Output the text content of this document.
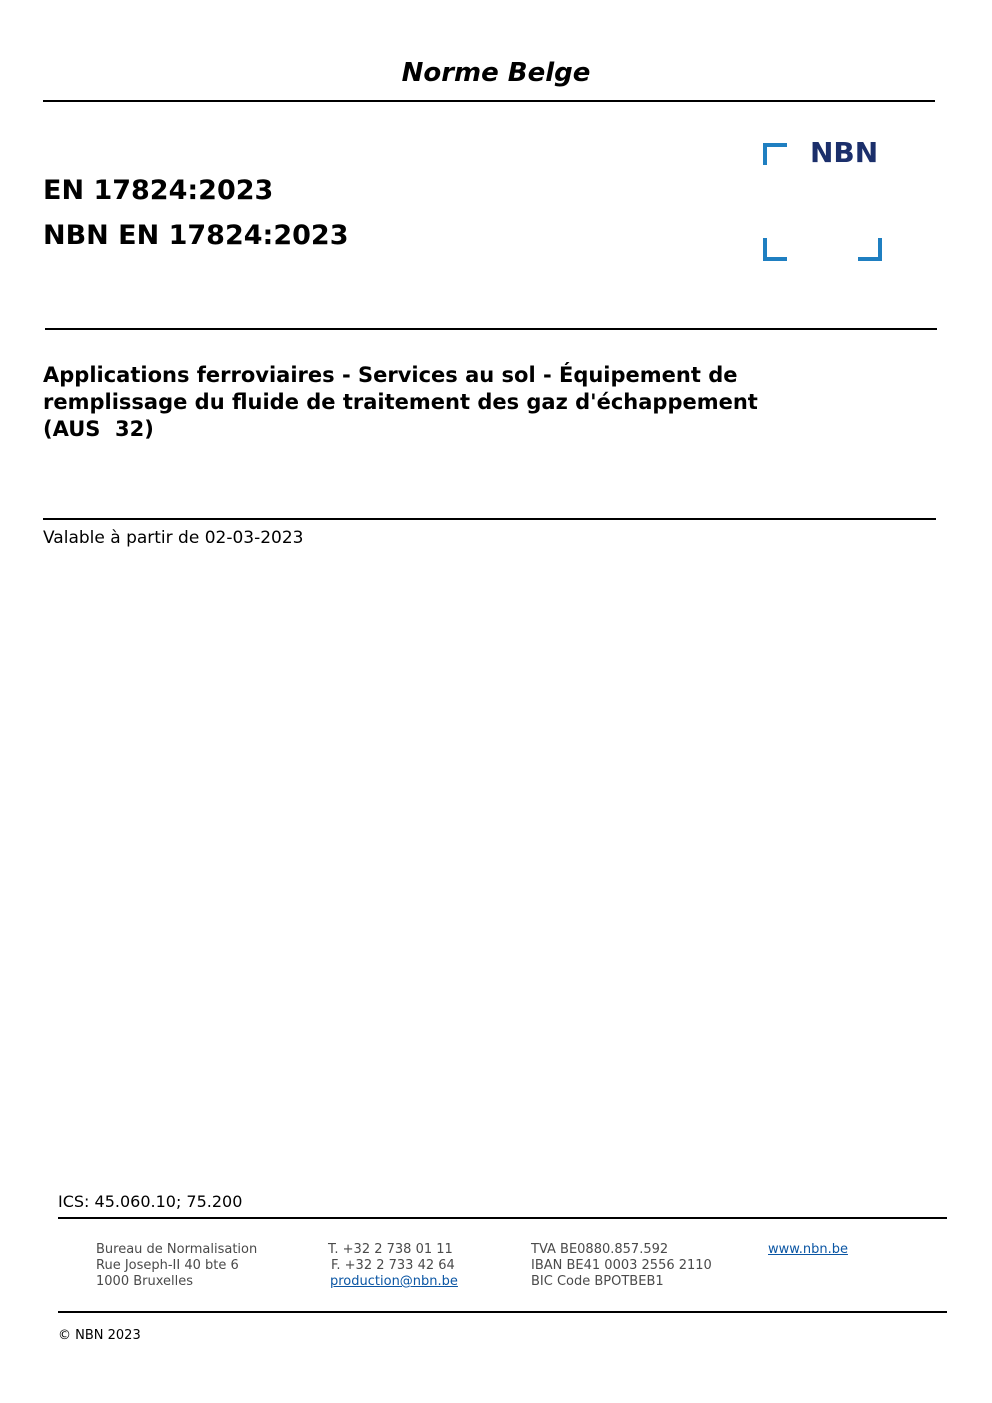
Norme Belge
EN 17824:2023
NBN EN 17824:2023
NBN
Applications ferroviaires - Services au sol - Équipement de
remplissage du fluide de traitement des gaz d'échappement
(AUS  32)
Valable à partir de 02-03-2023
ICS: 45.060.10; 75.200
Bureau de Normalisation
Rue Joseph-II 40 bte 6
1000 Bruxelles
T. +32 2 738 01 11
F. +32 2 733 42 64
production@nbn.be
TVA BE0880.857.592
IBAN BE41 0003 2556 2110
BIC Code BPOTBEB1
www.nbn.be
© NBN 2023
